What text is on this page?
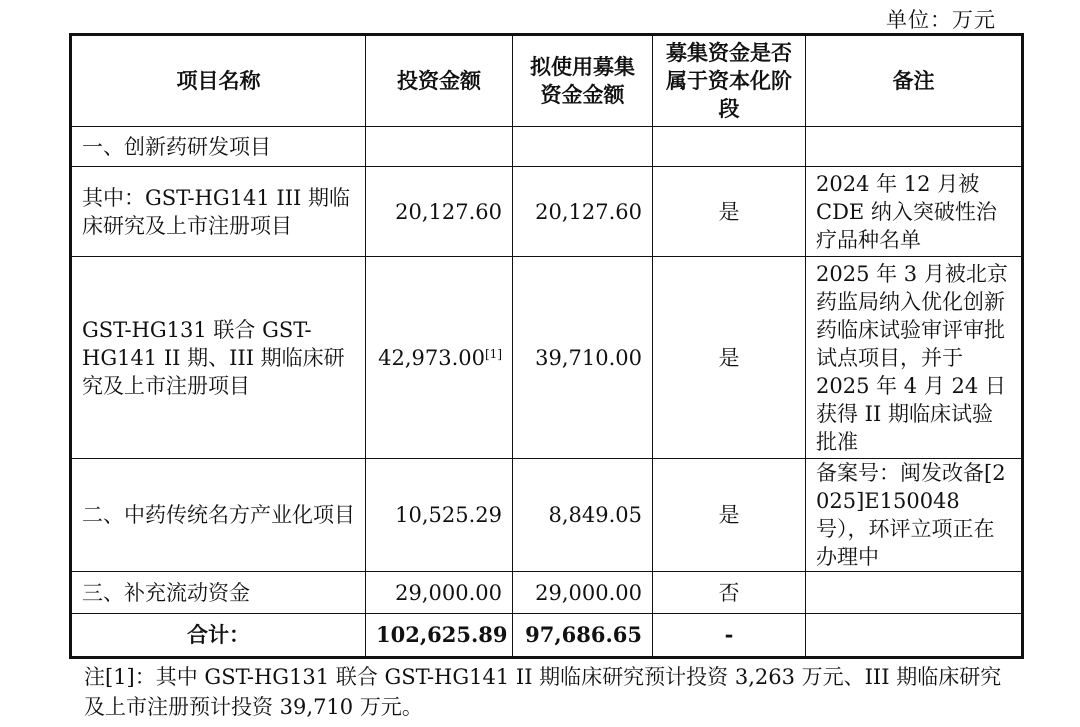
单位：万元
项目名称	投资金额	拟使用募集资金金额	募集资金是否属于资本化阶段	备注
一、创新药研发项目				
其中：GST-HG141 III 期临床研究及上市注册项目	20,127.60	20,127.60	是	2024 年 12 月被 CDE 纳入突破性治疗品种名单
GST-HG131 联合 GST-HG141 II 期、III 期临床研究及上市注册项目	42,973.00[1]	39,710.00	是	2025 年 3 月被北京药监局纳入优化创新药临床试验审评审批试点项目，并于 2025 年 4 月 24 日获得 II 期临床试验批准
二、中药传统名方产业化项目	10,525.29	8,849.05	是	备案号：闽发改备[2025]E150048号），环评立项正在办理中
三、补充流动资金	29,000.00	29,000.00	否	
合计：	102,625.89	97,686.65	-	
注[1]：其中 GST-HG131 联合 GST-HG141 II 期临床研究预计投资 3,263 万元、III 期临床研究及上市注册预计投资 39,710 万元。
